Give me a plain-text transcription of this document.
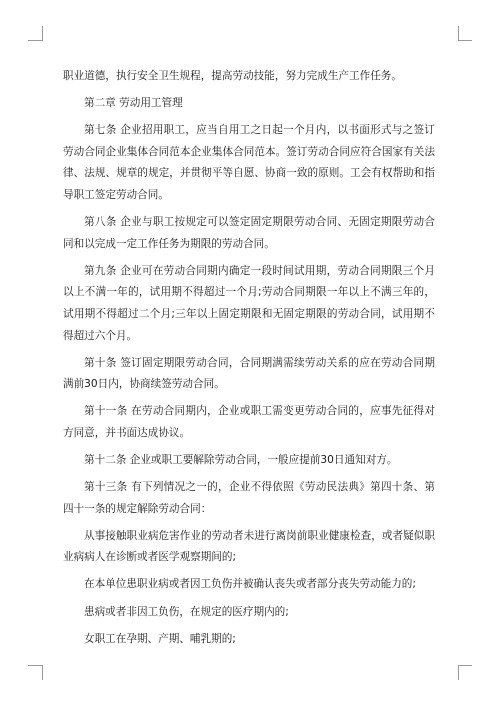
职业道德，执行安全卫生规程，提高劳动技能，努力完成生产工作任务。

第二章 劳动用工管理

第七条 企业招用职工，应当自用工之日起一个月内，以书面形式与之签订劳动合同企业集体合同范本企业集体合同范本。签订劳动合同应符合国家有关法律、法规、规章的规定，并贯彻平等自愿、协商一致的原则。工会有权帮助和指导职工签定劳动合同。

第八条 企业与职工按规定可以签定固定期限劳动合同、无固定期限劳动合同和以完成一定工作任务为期限的劳动合同。

第九条 企业可在劳动合同期内确定一段时间试用期，劳动合同期限三个月以上不满一年的，试用期不得超过一个月;劳动合同期限一年以上不满三年的，试用期不得超过二个月;三年以上固定期限和无固定期限的劳动合同，试用期不得超过六个月。

第十条 签订固定期限劳动合同，合同期满需续劳动关系的应在劳动合同期满前30日内，协商续签劳动合同。

第十一条 在劳动合同期内，企业或职工需变更劳动合同的，应事先征得对方同意，并书面达成协议。

第十二条 企业或职工要解除劳动合同，一般应提前30日通知对方。

第十三条 有下列情况之一的，企业不得依照《劳动民法典》第四十条、第四十一条的规定解除劳动合同：

从事接触职业病危害作业的劳动者未进行离岗前职业健康检查，或者疑似职业病病人在诊断或者医学观察期间的;

在本单位患职业病或者因工负伤并被确认丧失或者部分丧失劳动能力的;

患病或者非因工负伤，在规定的医疗期内的;

女职工在孕期、产期、哺乳期的;
